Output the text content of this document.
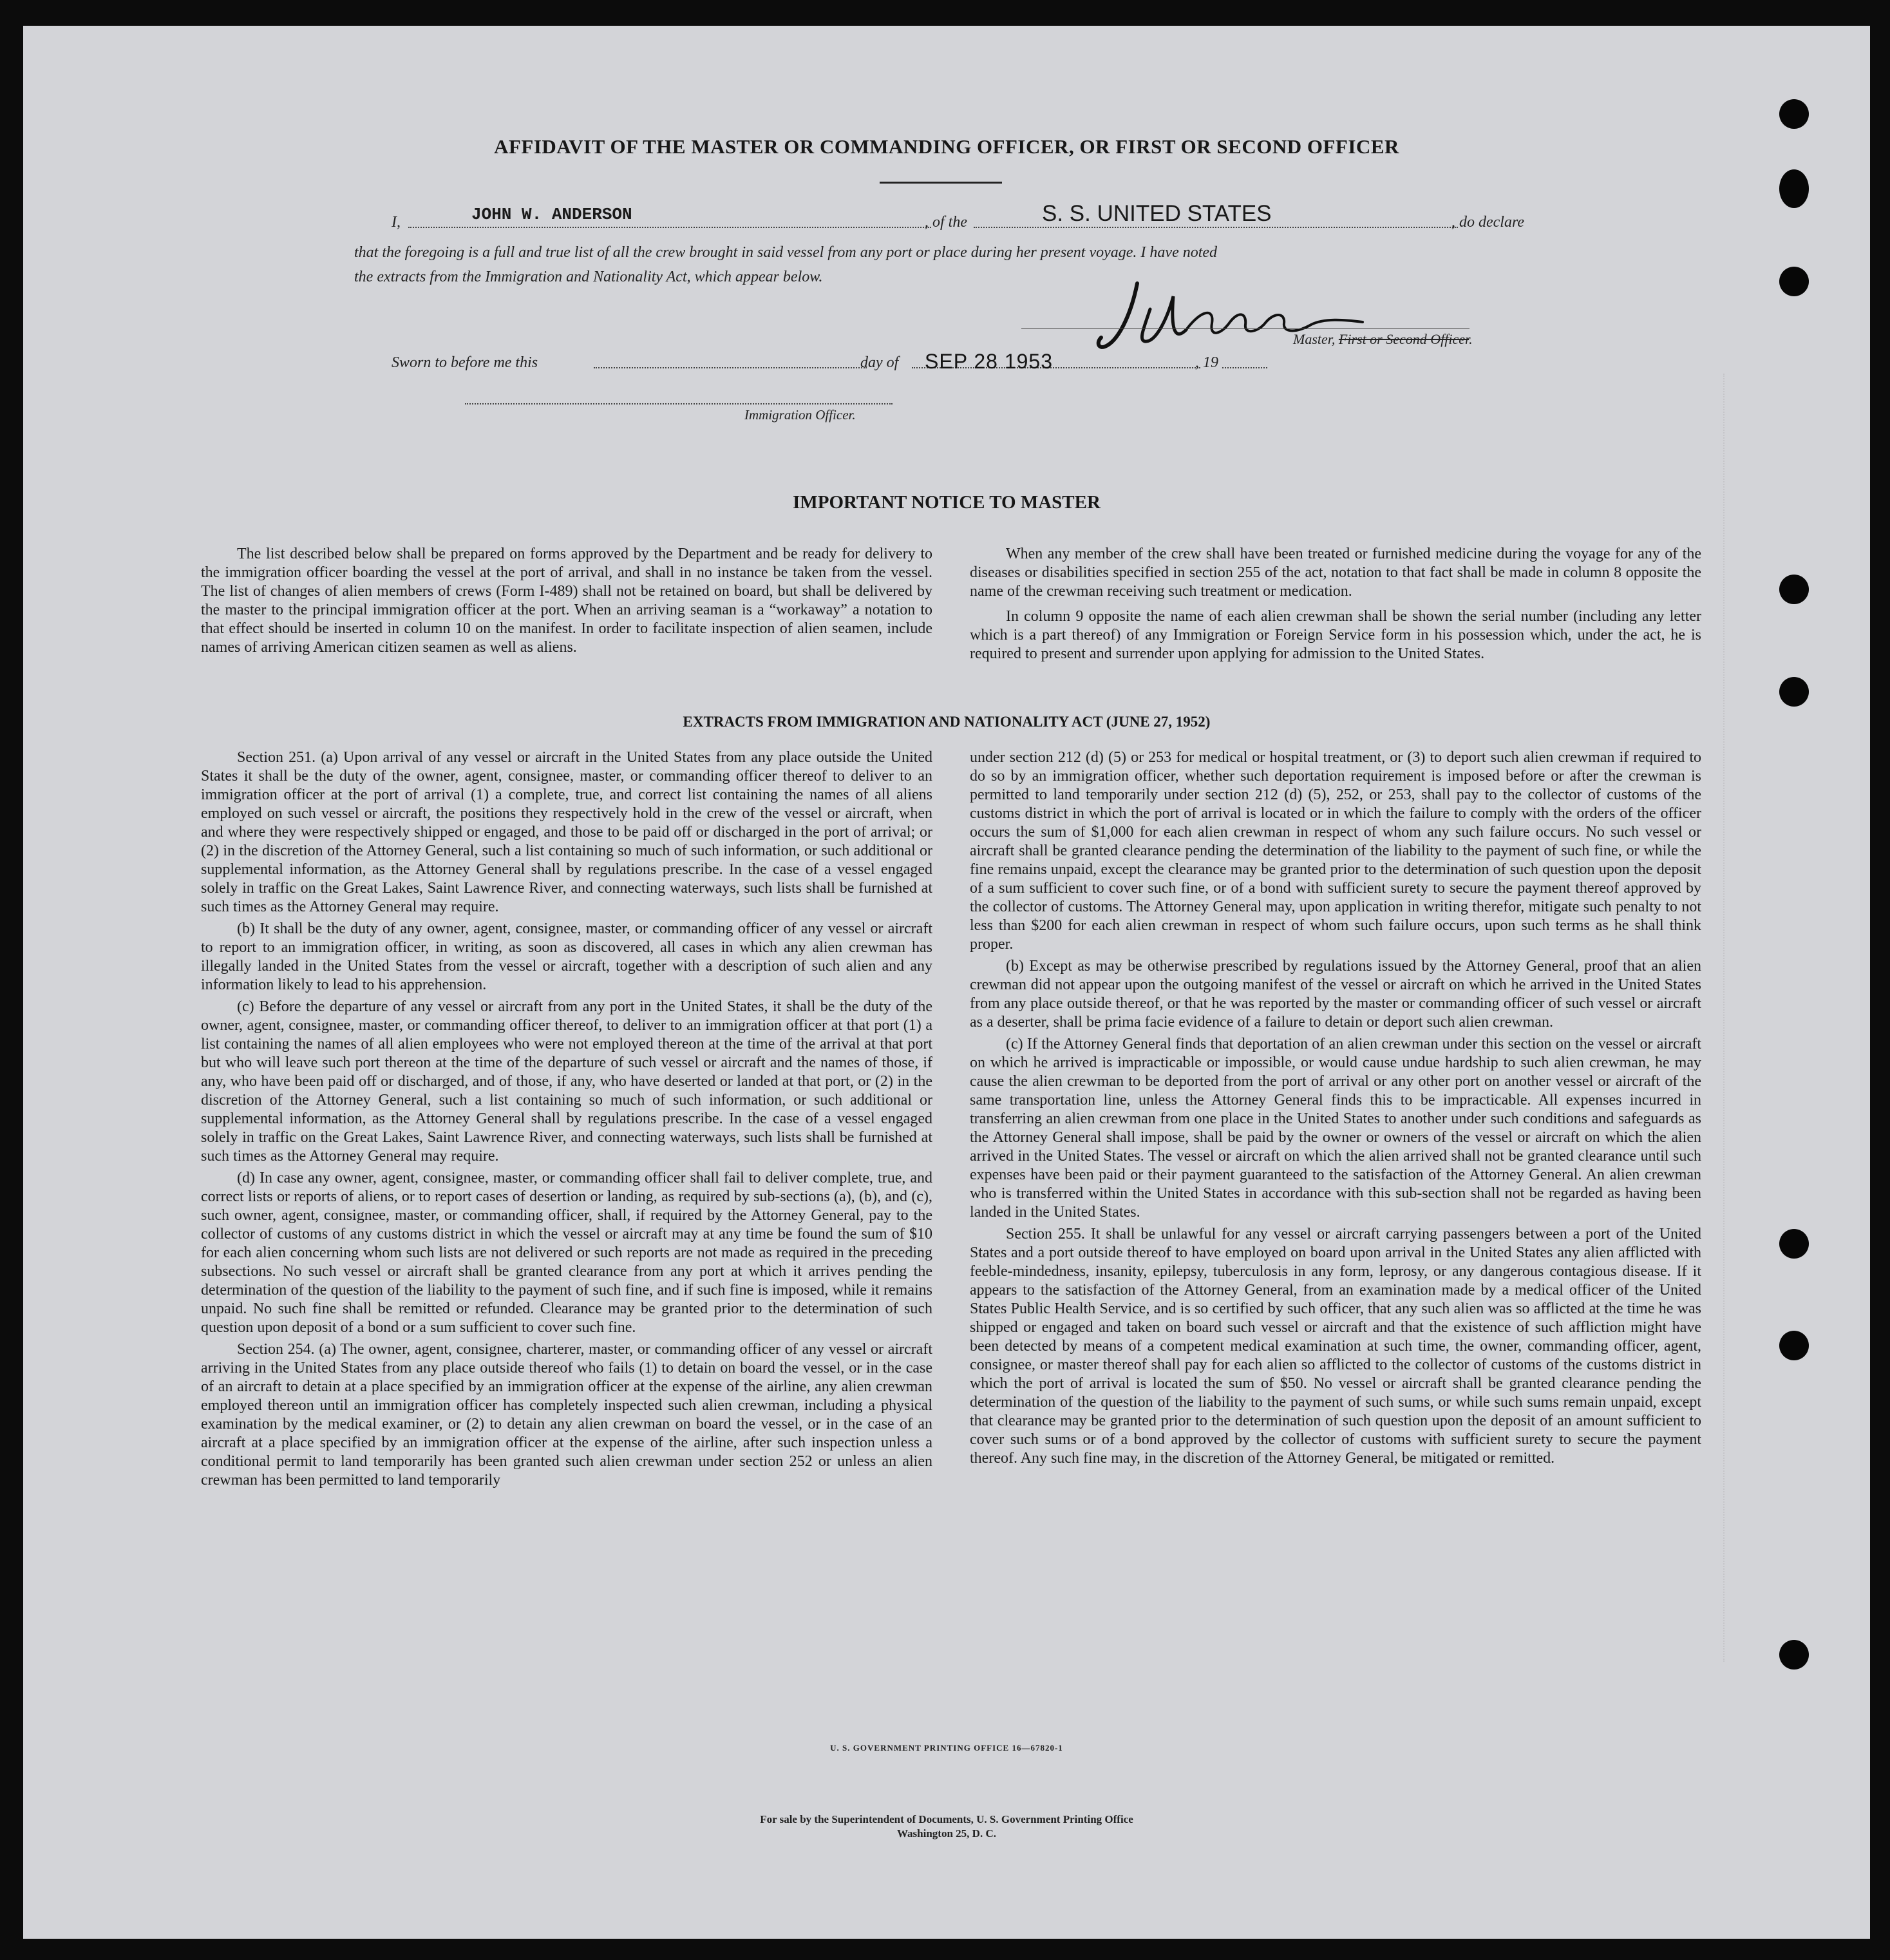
AFFIDAVIT OF THE MASTER OR COMMANDING OFFICER, OR FIRST OR SECOND OFFICER
I,	JOHN W. ANDERSON	, of the	S. S. UNITED STATES	, do declare
that the foregoing is a full and true list of all the crew brought in said vessel from any port or place during her present voyage. I have noted
the extracts from the Immigration and Nationality Act, which appear below.
Master, First or Second Officer.
Sworn to before me this	day of SEP 28 1953	, 19
Immigration Officer.
IMPORTANT NOTICE TO MASTER

The list described below shall be prepared on forms approved by the Department and be ready for delivery to the immigration officer boarding the vessel at the port of arrival, and shall in no instance be taken from the vessel. The list of changes of alien members of crews (Form I-489) shall not be retained on board, but shall be delivered by the master to the principal immigration officer at the port. When an arriving seaman is a “workaway” a notation to that effect should be inserted in column 10 on the manifest. In order to facilitate inspection of alien seamen, include names of arriving American citizen seamen as well as aliens.

When any member of the crew shall have been treated or furnished medicine during the voyage for any of the diseases or disabilities specified in section 255 of the act, notation to that fact shall be made in column 8 opposite the name of the crewman receiving such treatment or medication.

In column 9 opposite the name of each alien crewman shall be shown the serial number (including any letter which is a part thereof) of any Immigration or Foreign Service form in his possession which, under the act, he is required to present and surrender upon applying for admission to the United States.

EXTRACTS FROM IMMIGRATION AND NATIONALITY ACT (JUNE 27, 1952)

Section 251. (a) Upon arrival of any vessel or aircraft in the United States from any place outside the United States it shall be the duty of the owner, agent, consignee, master, or commanding officer thereof to deliver to an immigration officer at the port of arrival (1) a complete, true, and correct list containing the names of all aliens employed on such vessel or aircraft, the positions they respectively hold in the crew of the vessel or aircraft, when and where they were respectively shipped or engaged, and those to be paid off or discharged in the port of arrival; or (2) in the discretion of the Attorney General, such a list containing so much of such information, or such additional or supplemental information, as the Attorney General shall by regulations prescribe. In the case of a vessel engaged solely in traffic on the Great Lakes, Saint Lawrence River, and connecting waterways, such lists shall be furnished at such times as the Attorney General may require.

(b) It shall be the duty of any owner, agent, consignee, master, or commanding officer of any vessel or aircraft to report to an immigration officer, in writing, as soon as discovered, all cases in which any alien crewman has illegally landed in the United States from the vessel or aircraft, together with a description of such alien and any information likely to lead to his apprehension.

(c) Before the departure of any vessel or aircraft from any port in the United States, it shall be the duty of the owner, agent, consignee, master, or commanding officer thereof, to deliver to an immigration officer at that port (1) a list containing the names of all alien employees who were not employed thereon at the time of the arrival at that port but who will leave such port thereon at the time of the departure of such vessel or aircraft and the names of those, if any, who have been paid off or discharged, and of those, if any, who have deserted or landed at that port, or (2) in the discretion of the Attorney General, such a list containing so much of such information, or such additional or supplemental information, as the Attorney General shall by regulations prescribe. In the case of a vessel engaged solely in traffic on the Great Lakes, Saint Lawrence River, and connecting waterways, such lists shall be furnished at such times as the Attorney General may require.

(d) In case any owner, agent, consignee, master, or commanding officer shall fail to deliver complete, true, and correct lists or reports of aliens, or to report cases of desertion or landing, as required by sub-sections (a), (b), and (c), such owner, agent, consignee, master, or commanding officer, shall, if required by the Attorney General, pay to the collector of customs of any customs district in which the vessel or aircraft may at any time be found the sum of $10 for each alien concerning whom such lists are not delivered or such reports are not made as required in the preceding subsections. No such vessel or aircraft shall be granted clearance from any port at which it arrives pending the determination of the question of the liability to the payment of such fine, and if such fine is imposed, while it remains unpaid. No such fine shall be remitted or refunded. Clearance may be granted prior to the determination of such question upon deposit of a bond or a sum sufficient to cover such fine.

Section 254. (a) The owner, agent, consignee, charterer, master, or commanding officer of any vessel or aircraft arriving in the United States from any place outside thereof who fails (1) to detain on board the vessel, or in the case of an aircraft to detain at a place specified by an immigration officer at the expense of the airline, any alien crewman employed thereon until an immigration officer has completely inspected such alien crewman, including a physical examination by the medical examiner, or (2) to detain any alien crewman on board the vessel, or in the case of an aircraft at a place specified by an immigration officer at the expense of the airline, after such inspection unless a conditional permit to land temporarily has been granted such alien crewman under section 252 or unless an alien crewman has been permitted to land temporarily

under section 212 (d) (5) or 253 for medical or hospital treatment, or (3) to deport such alien crewman if required to do so by an immigration officer, whether such deportation requirement is imposed before or after the crewman is permitted to land temporarily under section 212 (d) (5), 252, or 253, shall pay to the collector of customs of the customs district in which the port of arrival is located or in which the failure to comply with the orders of the officer occurs the sum of $1,000 for each alien crewman in respect of whom any such failure occurs. No such vessel or aircraft shall be granted clearance pending the determination of the liability to the payment of such fine, or while the fine remains unpaid, except the clearance may be granted prior to the determination of such question upon the deposit of a sum sufficient to cover such fine, or of a bond with sufficient surety to secure the payment thereof approved by the collector of customs. The Attorney General may, upon application in writing therefor, mitigate such penalty to not less than $200 for each alien crewman in respect of whom such failure occurs, upon such terms as he shall think proper.

(b) Except as may be otherwise prescribed by regulations issued by the Attorney General, proof that an alien crewman did not appear upon the outgoing manifest of the vessel or aircraft on which he arrived in the United States from any place outside thereof, or that he was reported by the master or commanding officer of such vessel or aircraft as a deserter, shall be prima facie evidence of a failure to detain or deport such alien crewman.

(c) If the Attorney General finds that deportation of an alien crewman under this section on the vessel or aircraft on which he arrived is impracticable or impossible, or would cause undue hardship to such alien crewman, he may cause the alien crewman to be deported from the port of arrival or any other port on another vessel or aircraft of the same transportation line, unless the Attorney General finds this to be impracticable. All expenses incurred in transferring an alien crewman from one place in the United States to another under such conditions and safeguards as the Attorney General shall impose, shall be paid by the owner or owners of the vessel or aircraft on which the alien arrived in the United States. The vessel or aircraft on which the alien arrived shall not be granted clearance until such expenses have been paid or their payment guaranteed to the satisfaction of the Attorney General. An alien crewman who is transferred within the United States in accordance with this sub-section shall not be regarded as having been landed in the United States.

Section 255. It shall be unlawful for any vessel or aircraft carrying passengers between a port of the United States and a port outside thereof to have employed on board upon arrival in the United States any alien afflicted with feeble-mindedness, insanity, epilepsy, tuberculosis in any form, leprosy, or any dangerous contagious disease. If it appears to the satisfaction of the Attorney General, from an examination made by a medical officer of the United States Public Health Service, and is so certified by such officer, that any such alien was so afflicted at the time he was shipped or engaged and taken on board such vessel or aircraft and that the existence of such affliction might have been detected by means of a competent medical examination at such time, the owner, commanding officer, agent, consignee, or master thereof shall pay for each alien so afflicted to the collector of customs of the customs district in which the port of arrival is located the sum of $50. No vessel or aircraft shall be granted clearance pending the determination of the question of the liability to the payment of such sums, or while such sums remain unpaid, except that clearance may be granted prior to the determination of such question upon the deposit of an amount sufficient to cover such sums or of a bond approved by the collector of customs with sufficient surety to secure the payment thereof. Any such fine may, in the discretion of the Attorney General, be mitigated or remitted.

U. S. GOVERNMENT PRINTING OFFICE 16—67820-1
For sale by the Superintendent of Documents, U. S. Government Printing Office
Washington 25, D. C.
